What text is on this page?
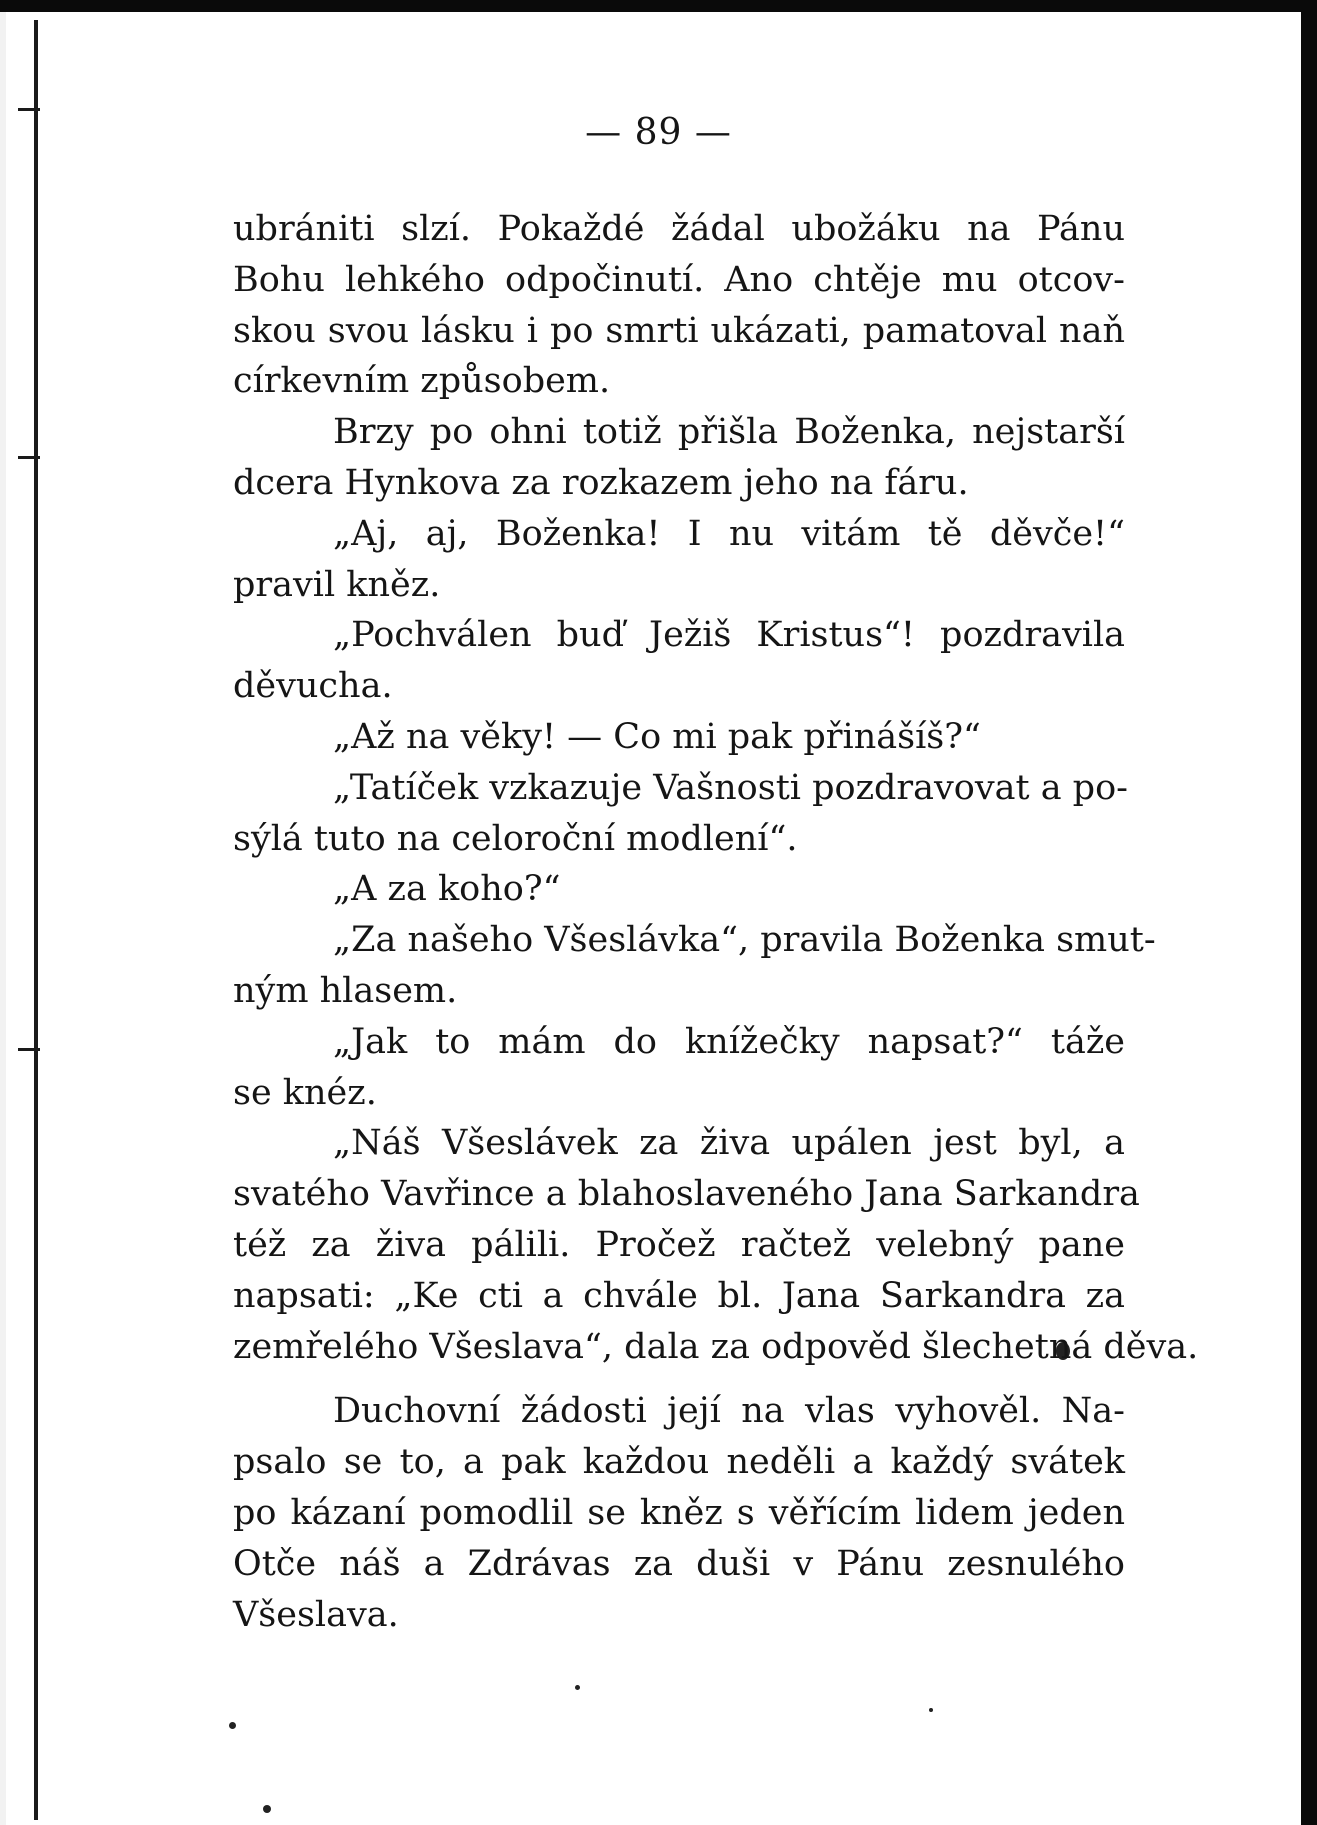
— 89 —
ubrániti slzí. Pokaždé žádal ubožáku na Pánu
Bohu lehkého odpočinutí. Ano chtěje mu otcov-
skou svou lásku i po smrti ukázati, pamatoval naň
církevním způsobem.
Brzy po ohni totiž přišla Boženka, nejstarší
dcera Hynkova za rozkazem jeho na fáru.
„Aj, aj, Boženka! I nu vitám tě děvče!“
pravil kněz.
„Pochválen buď Ježiš Kristus“! pozdravila
děvucha.
„Až na věky! — Co mi pak přinášíš?“
„Tatíček vzkazuje Vašnosti pozdravovat a po-
sýlá tuto na celoroční modlení“.
„A za koho?“
„Za našeho Všeslávka“, pravila Boženka smut-
ným hlasem.
„Jak to mám do knížečky napsat?“ táže
se knéz.
„Náš Všeslávek za živa upálen jest byl, a
svatého Vavřince a blahoslaveného Jana Sarkandra
též za živa pálili. Pročež račtež velebný pane
napsati: „Ke cti a chvále bl. Jana Sarkandra za
zemřelého Všeslava“, dala za odpověd šlechetná děva.
Duchovní žádosti její na vlas vyhověl. Na-
psalo se to, a pak každou neděli a každý svátek
po kázaní pomodlil se kněz s věřícím lidem jeden
Otče náš a Zdrávas za duši v Pánu zesnulého
Všeslava.
